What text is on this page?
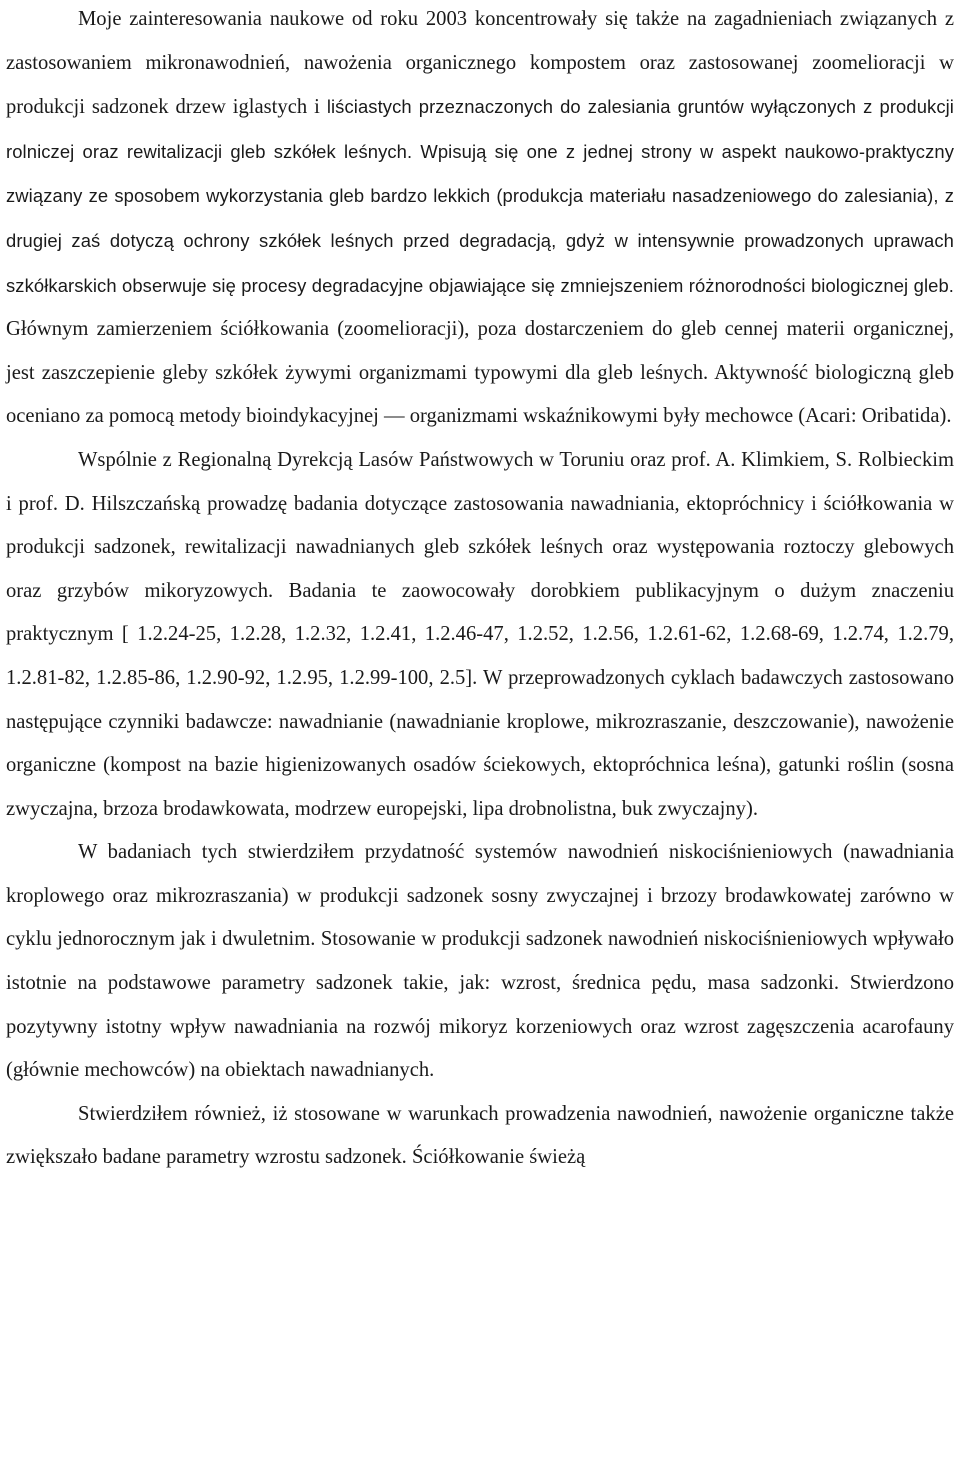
Moje zainteresowania naukowe od roku 2003 koncentrowały się także na zagadnieniach związanych z zastosowaniem mikronawodnień, nawożenia organicznego kompostem oraz zastosowanej zoomelioracji w produkcji sadzonek drzew iglastych i liściastych przeznaczonych do zalesiania gruntów wyłączonych z produkcji rolniczej oraz rewitalizacji gleb szkółek leśnych. Wpisują się one z jednej strony w aspekt naukowo-praktyczny związany ze sposobem wykorzystania gleb bardzo lekkich (produkcja materiału nasadzeniowego do zalesiania), z drugiej zaś dotyczą ochrony szkółek leśnych przed degradacją, gdyż w intensywnie prowadzonych uprawach szkółkarskich obserwuje się procesy degradacyjne objawiające się zmniejszeniem różnorodności biologicznej gleb. Głównym zamierzeniem ściółkowania (zoomelioracji), poza dostarczeniem do gleb cennej materii organicznej, jest zaszczepienie gleby szkółek żywymi organizmami typowymi dla gleb leśnych. Aktywność biologiczną gleb oceniano za pomocą metody bioindykacyjnej — organizmami wskaźnikowymi były mechowce (Acari: Oribatida).

Wspólnie z Regionalną Dyrekcją Lasów Państwowych w Toruniu oraz prof. A. Klimkiem, S. Rolbieckim i prof. D. Hilszczańską prowadzę badania dotyczące zastosowania nawadniania, ektopróchnicy i ściółkowania w produkcji sadzonek, rewitalizacji nawadnianych gleb szkółek leśnych oraz występowania roztoczy glebowych oraz grzybów mikoryzowych. Badania te zaowocowały dorobkiem publikacyjnym o dużym znaczeniu praktycznym [ 1.2.24-25, 1.2.28, 1.2.32, 1.2.41, 1.2.46-47, 1.2.52, 1.2.56, 1.2.61-62, 1.2.68-69, 1.2.74, 1.2.79, 1.2.81-82, 1.2.85-86, 1.2.90-92, 1.2.95, 1.2.99-100, 2.5]. W przeprowadzonych cyklach badawczych zastosowano następujące czynniki badawcze: nawadnianie (nawadnianie kroplowe, mikrozraszanie, deszczowanie), nawożenie organiczne (kompost na bazie higienizowanych osadów ściekowych, ektopróchnica leśna), gatunki roślin (sosna zwyczajna, brzoza brodawkowata, modrzew europejski, lipa drobnolistna, buk zwyczajny).

W badaniach tych stwierdziłem przydatność systemów nawodnień niskociśnieniowych (nawadniania kroplowego oraz mikrozraszania) w produkcji sadzonek sosny zwyczajnej i brzozy brodawkowatej zarówno w cyklu jednorocznym jak i dwuletnim. Stosowanie w produkcji sadzonek nawodnień niskociśnieniowych wpływało istotnie na podstawowe parametry sadzonek takie, jak: wzrost, średnica pędu, masa sadzonki. Stwierdzono pozytywny istotny wpływ nawadniania na rozwój mikoryz korzeniowych oraz wzrost zagęszczenia acarofauny (głównie mechowców) na obiektach nawadnianych.

Stwierdziłem również, iż stosowane w warunkach prowadzenia nawodnień, nawożenie organiczne także zwiększało badane parametry wzrostu sadzonek. Ściółkowanie świeżą
